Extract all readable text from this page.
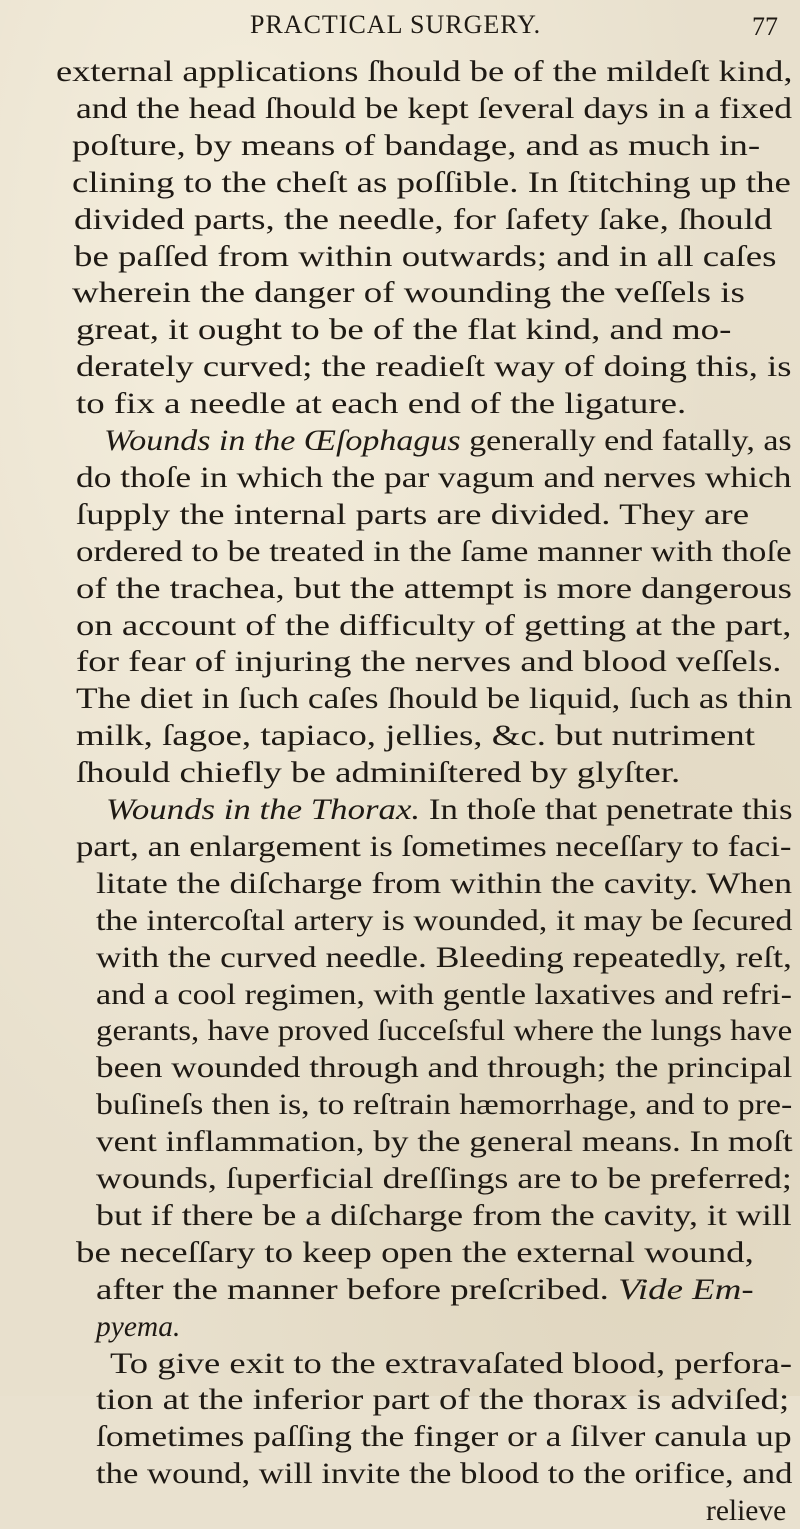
PRACTICAL SURGERY.	77
external applications ſhould be of the mildeſt kind,
and the head ſhould be kept ſeveral days in a fixed
poſture, by means of bandage, and as much in-
clining to the cheſt as poſſible. In ſtitching up the
divided parts, the needle, for ſafety ſake, ſhould
be paſſed from within outwards; and in all caſes
wherein the danger of wounding the veſſels is
great, it ought to be of the flat kind, and mo-
derately curved; the readieſt way of doing this, is
to fix a needle at each end of the ligature.
Wounds in the Œſophagus generally end fatally, as
do thoſe in which the par vagum and nerves which
ſupply the internal parts are divided. They are
ordered to be treated in the ſame manner with thoſe
of the trachea, but the attempt is more dangerous
on account of the difficulty of getting at the part,
for fear of injuring the nerves and blood veſſels.
The diet in ſuch caſes ſhould be liquid, ſuch as thin
milk, ſagoe, tapiaco, jellies, &c. but nutriment
ſhould chiefly be adminiſtered by glyſter.
Wounds in the Thorax. In thoſe that penetrate this
part, an enlargement is ſometimes neceſſary to faci-
litate the diſcharge from within the cavity. When
the intercoſtal artery is wounded, it may be ſecured
with the curved needle. Bleeding repeatedly, reſt,
and a cool regimen, with gentle laxatives and refri-
gerants, have proved ſucceſsful where the lungs have
been wounded through and through; the principal
buſineſs then is, to reſtrain hæmorrhage, and to pre-
vent inflammation, by the general means. In moſt
wounds, ſuperficial dreſſings are to be preferred;
but if there be a diſcharge from the cavity, it will
be neceſſary to keep open the external wound,
after the manner before preſcribed. Vide Em-
pyema.
To give exit to the extravaſated blood, perfora-
tion at the inferior part of the thorax is adviſed;
ſometimes paſſing the finger or a ſilver canula up
the wound, will invite the blood to the orifice, and
relieve
